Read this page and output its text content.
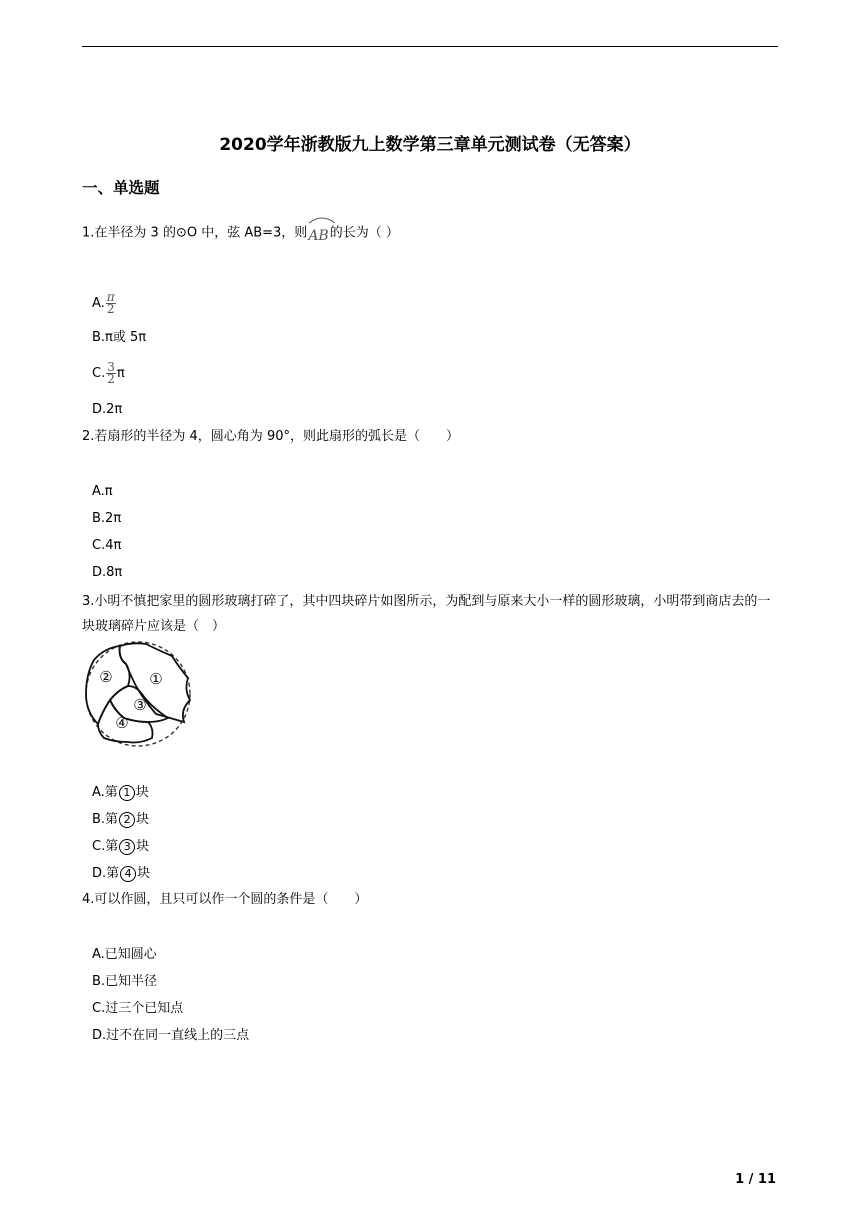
2020学年浙教版九上数学第三章单元测试卷（无答案）
一、单选题
1.在半径为 3 的⊙O 中，弦 AB=3，则
AB的长为（ ）
A. $\frac{\pi}{2}$
B.π或 5π
C. $\frac{3}{2}$ π
D.2π
2.若扇形的半径为 4，圆心角为 90°，则此扇形的弧长是（　　）
A.π
B.2π
C.4π
D.8π
3.小明不慎把家里的圆形玻璃打碎了，其中四块碎片如图所示，为配到与原来大小一样的圆形玻璃，小明带到商店去的一块玻璃碎片应该是（　）
② ①
③
④
A.第 1 块
B.第 2 块
C.第 3 块
D.第 4 块
4.可以作圆，且只可以作一个圆的条件是（　　）
A.已知圆心
B.已知半径
C.过三个已知点
D.过不在同一直线上的三点
1 / 11
